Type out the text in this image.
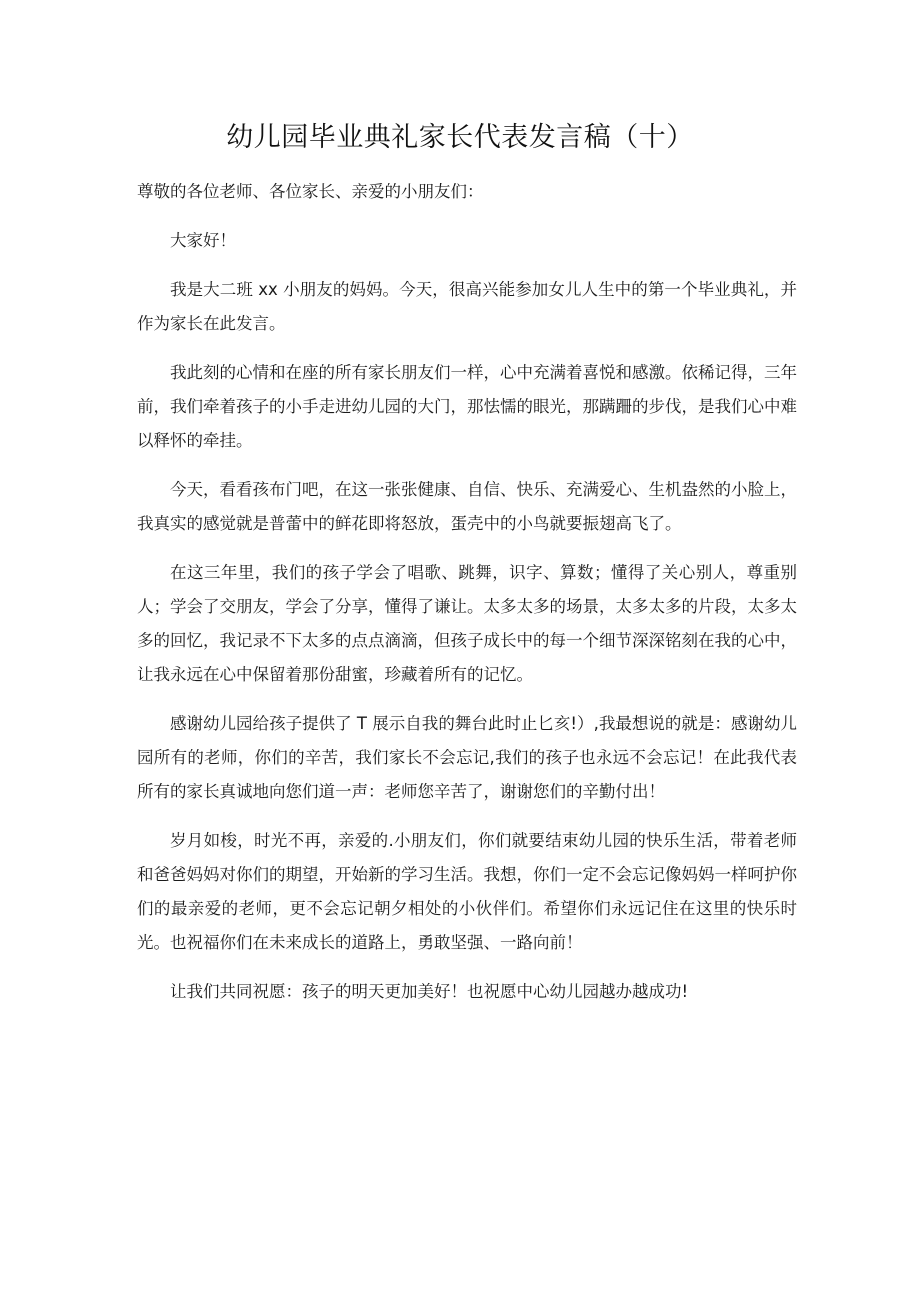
幼儿园毕业典礼家长代表发言稿（十）

尊敬的各位老师、各位家长、亲爱的小朋友们：

大家好！

我是大二班 xx 小朋友的妈妈。今天，很高兴能参加女儿人生中的第一个毕业典礼，并作为家长在此发言。

我此刻的心情和在座的所有家长朋友们一样，心中充满着喜悦和感激。依稀记得，三年前，我们牵着孩子的小手走进幼儿园的大门，那怯懦的眼光，那蹒跚的步伐，是我们心中难以释怀的牵挂。

今天，看看孩布门吧，在这一张张健康、自信、快乐、充满爱心、生机盎然的小脸上，我真实的感觉就是普蕾中的鲜花即将怒放，蛋壳中的小鸟就要振翅高飞了。

在这三年里，我们的孩子学会了唱歌、跳舞，识字、算数；懂得了关心别人，尊重别人；学会了交朋友，学会了分享，懂得了谦让。太多太多的场景，太多太多的片段，太多太多的回忆，我记录不下太多的点点滴滴，但孩子成长中的每一个细节深深铭刻在我的心中，让我永远在心中保留着那份甜蜜，珍藏着所有的记忆。

感谢幼儿园给孩子提供了 T 展示自我的舞台此时止匕亥!）,我最想说的就是：感谢幼儿园所有的老师，你们的辛苦，我们家长不会忘记,我们的孩子也永远不会忘记！在此我代表所有的家长真诚地向您们道一声：老师您辛苦了，谢谢您们的辛勤付出！

岁月如梭，时光不再，亲爱的.小朋友们，你们就要结束幼儿园的快乐生活，带着老师和爸爸妈妈对你们的期望，开始新的学习生活。我想，你们一定不会忘记像妈妈一样呵护你们的最亲爱的老师，更不会忘记朝夕相处的小伙伴们。希望你们永远记住在这里的快乐时光。也祝福你们在未来成长的道路上，勇敢坚强、一路向前！

让我们共同祝愿：孩子的明天更加美好！也祝愿中心幼儿园越办越成功!
